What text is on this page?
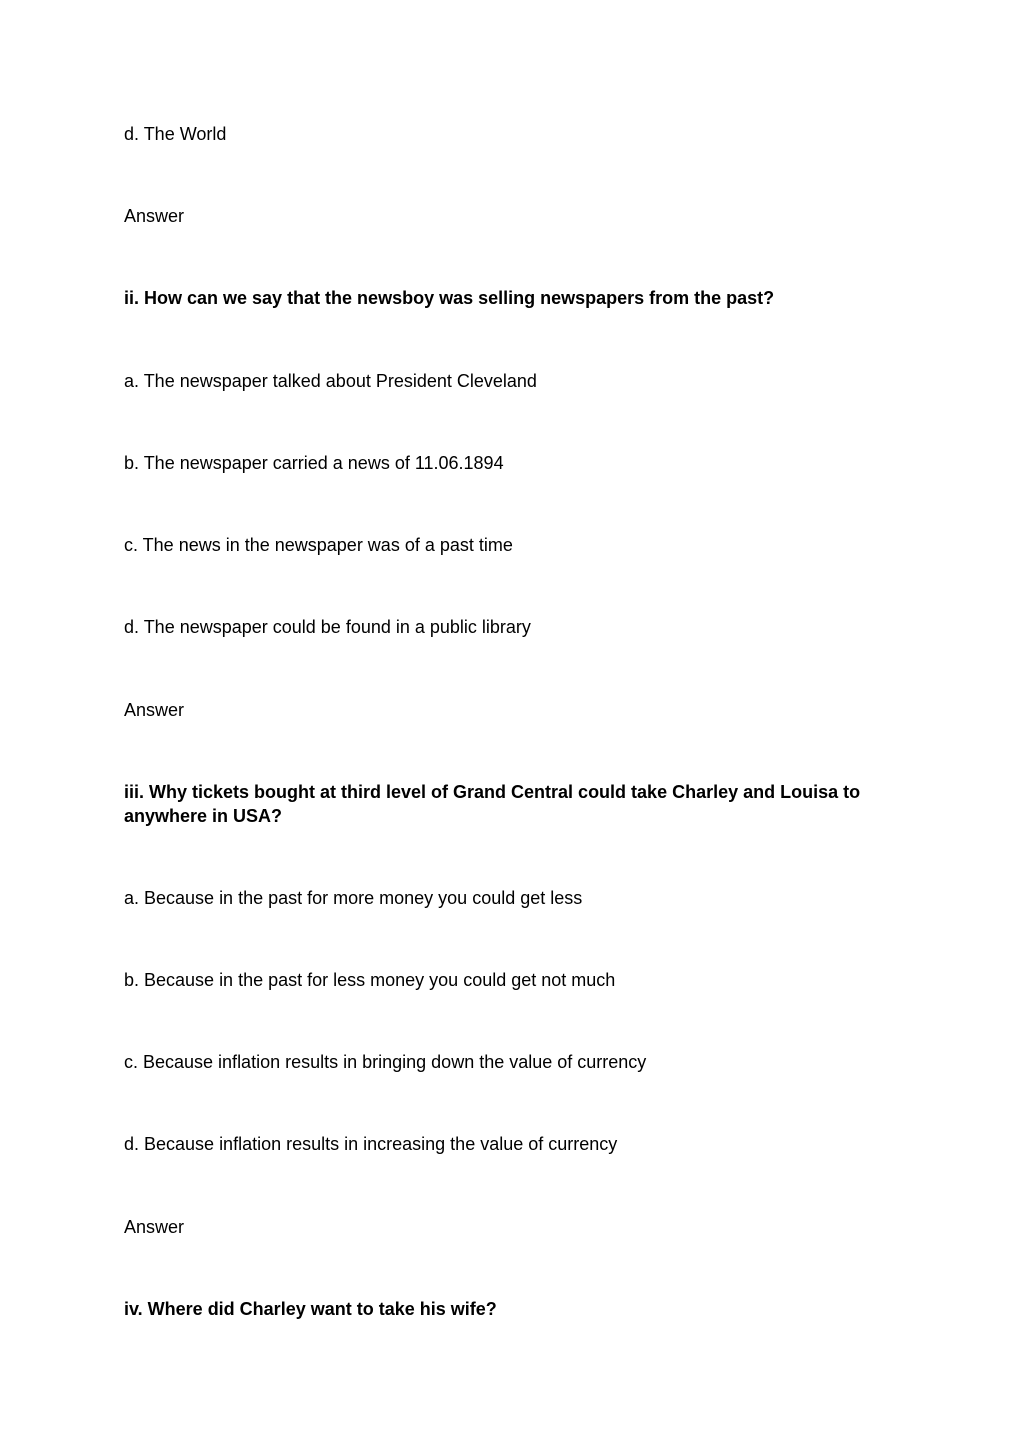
d. The World
Answer
ii. How can we say that the newsboy was selling newspapers from the past?
a. The newspaper talked about President Cleveland
b. The newspaper carried a news of 11.06.1894
c. The news in the newspaper was of a past time
d. The newspaper could be found in a public library
Answer
iii. Why tickets bought at third level of Grand Central could take Charley and Louisa to anywhere in USA?
a. Because in the past for more money you could get less
b. Because in the past for less money you could get not much
c. Because inflation results in bringing down the value of currency
d. Because inflation results in increasing the value of currency
Answer
iv. Where did Charley want to take his wife?
